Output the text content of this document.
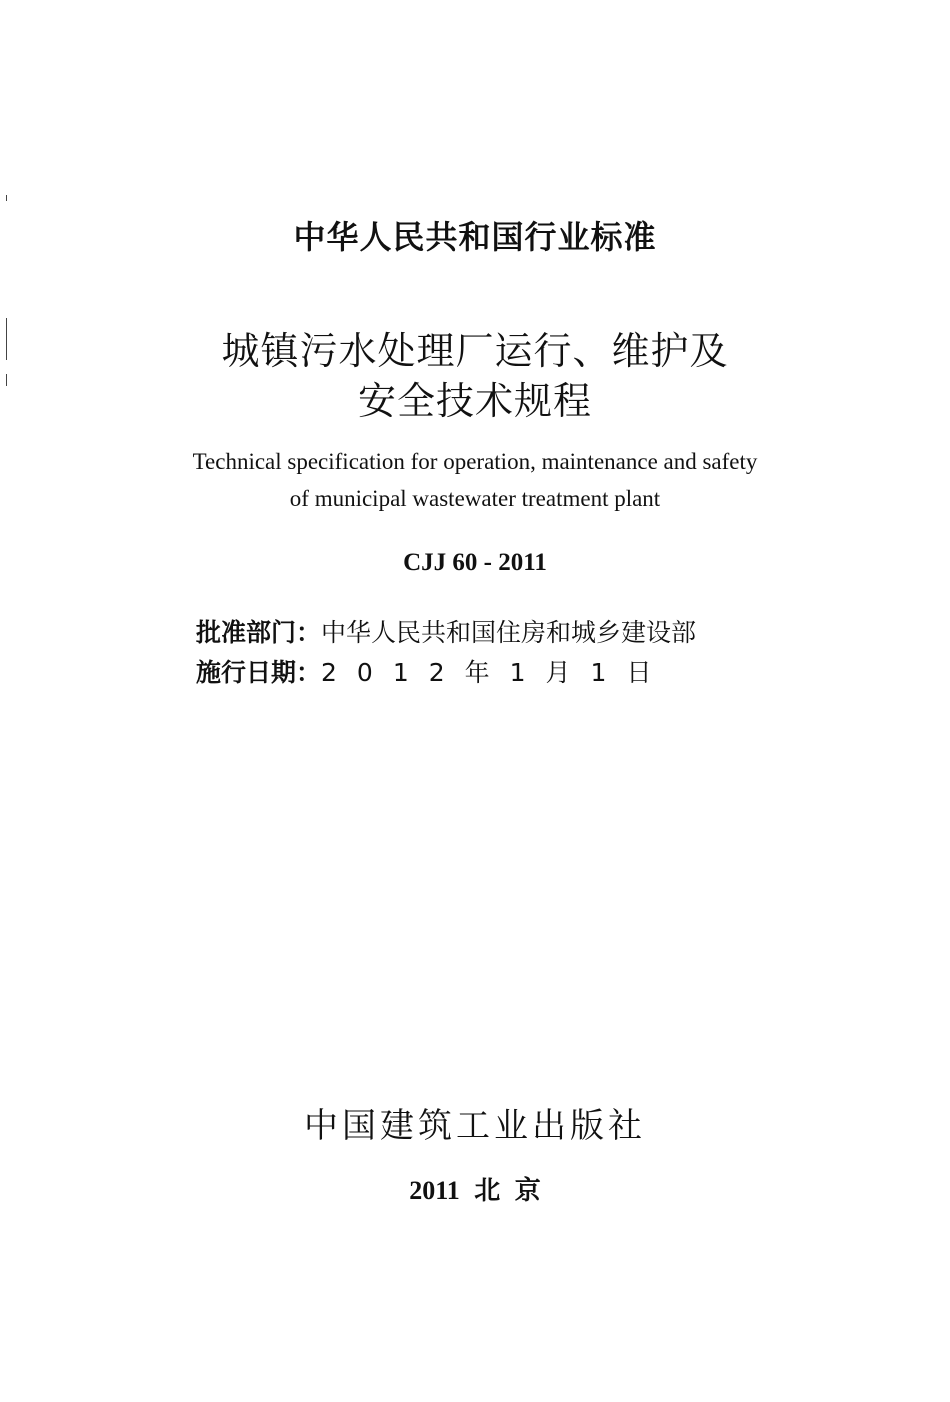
中华人民共和国行业标准
城镇污水处理厂运行、维护及
安全技术规程
Technical specification for operation, maintenance and safety
of municipal wastewater treatment plant
CJJ 60 - 2011
批准部门： 中华人民共和国住房和城乡建设部
施行日期： 2012年1月1日
中国建筑工业出版社
2011 北 京
